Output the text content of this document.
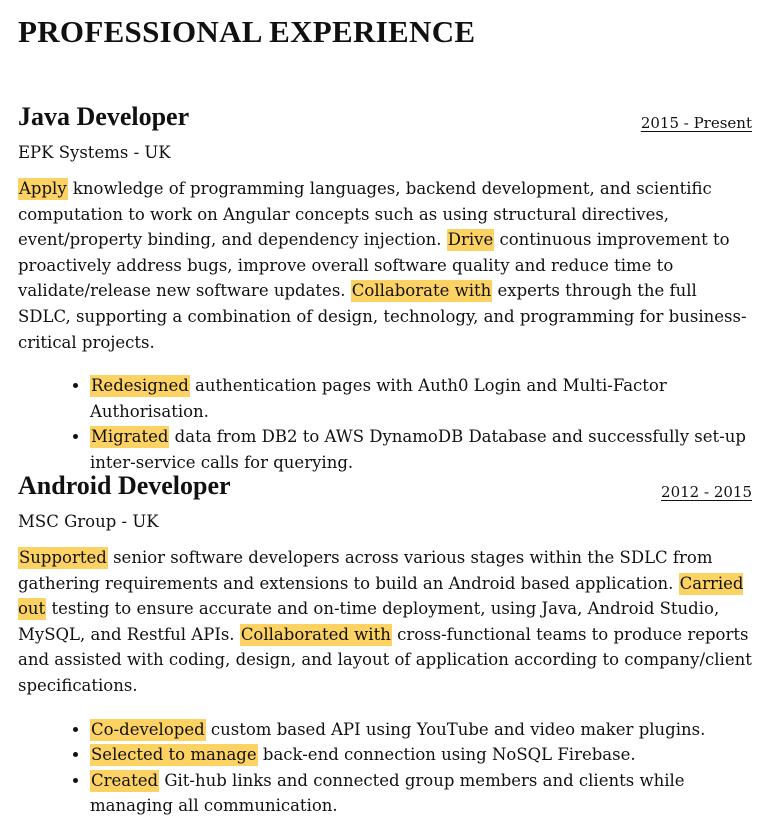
PROFESSIONAL EXPERIENCE
Java Developer	2015 - Present

EPK Systems - UK

Apply knowledge of programming languages, backend development, and scientific computation to work on Angular concepts such as using structural directives, event/property binding, and dependency injection. Drive continuous improvement to proactively address bugs, improve overall software quality and reduce time to validate/release new software updates. Collaborate with experts through the full SDLC, supporting a combination of design, technology, and programming for business-critical projects.

• Redesigned authentication pages with Auth0 Login and Multi-Factor Authorisation.
• Migrated data from DB2 to AWS DynamoDB Database and successfully set-up inter-service calls for querying.
Android Developer	2012 - 2015

MSC Group - UK

Supported senior software developers across various stages within the SDLC from gathering requirements and extensions to build an Android based application. Carried out testing to ensure accurate and on-time deployment, using Java, Android Studio, MySQL, and Restful APIs. Collaborated with cross-functional teams to produce reports and assisted with coding, design, and layout of application according to company/client specifications.

• Co-developed custom based API using YouTube and video maker plugins.
• Selected to manage back-end connection using NoSQL Firebase.
• Created Git-hub links and connected group members and clients while managing all communication.
